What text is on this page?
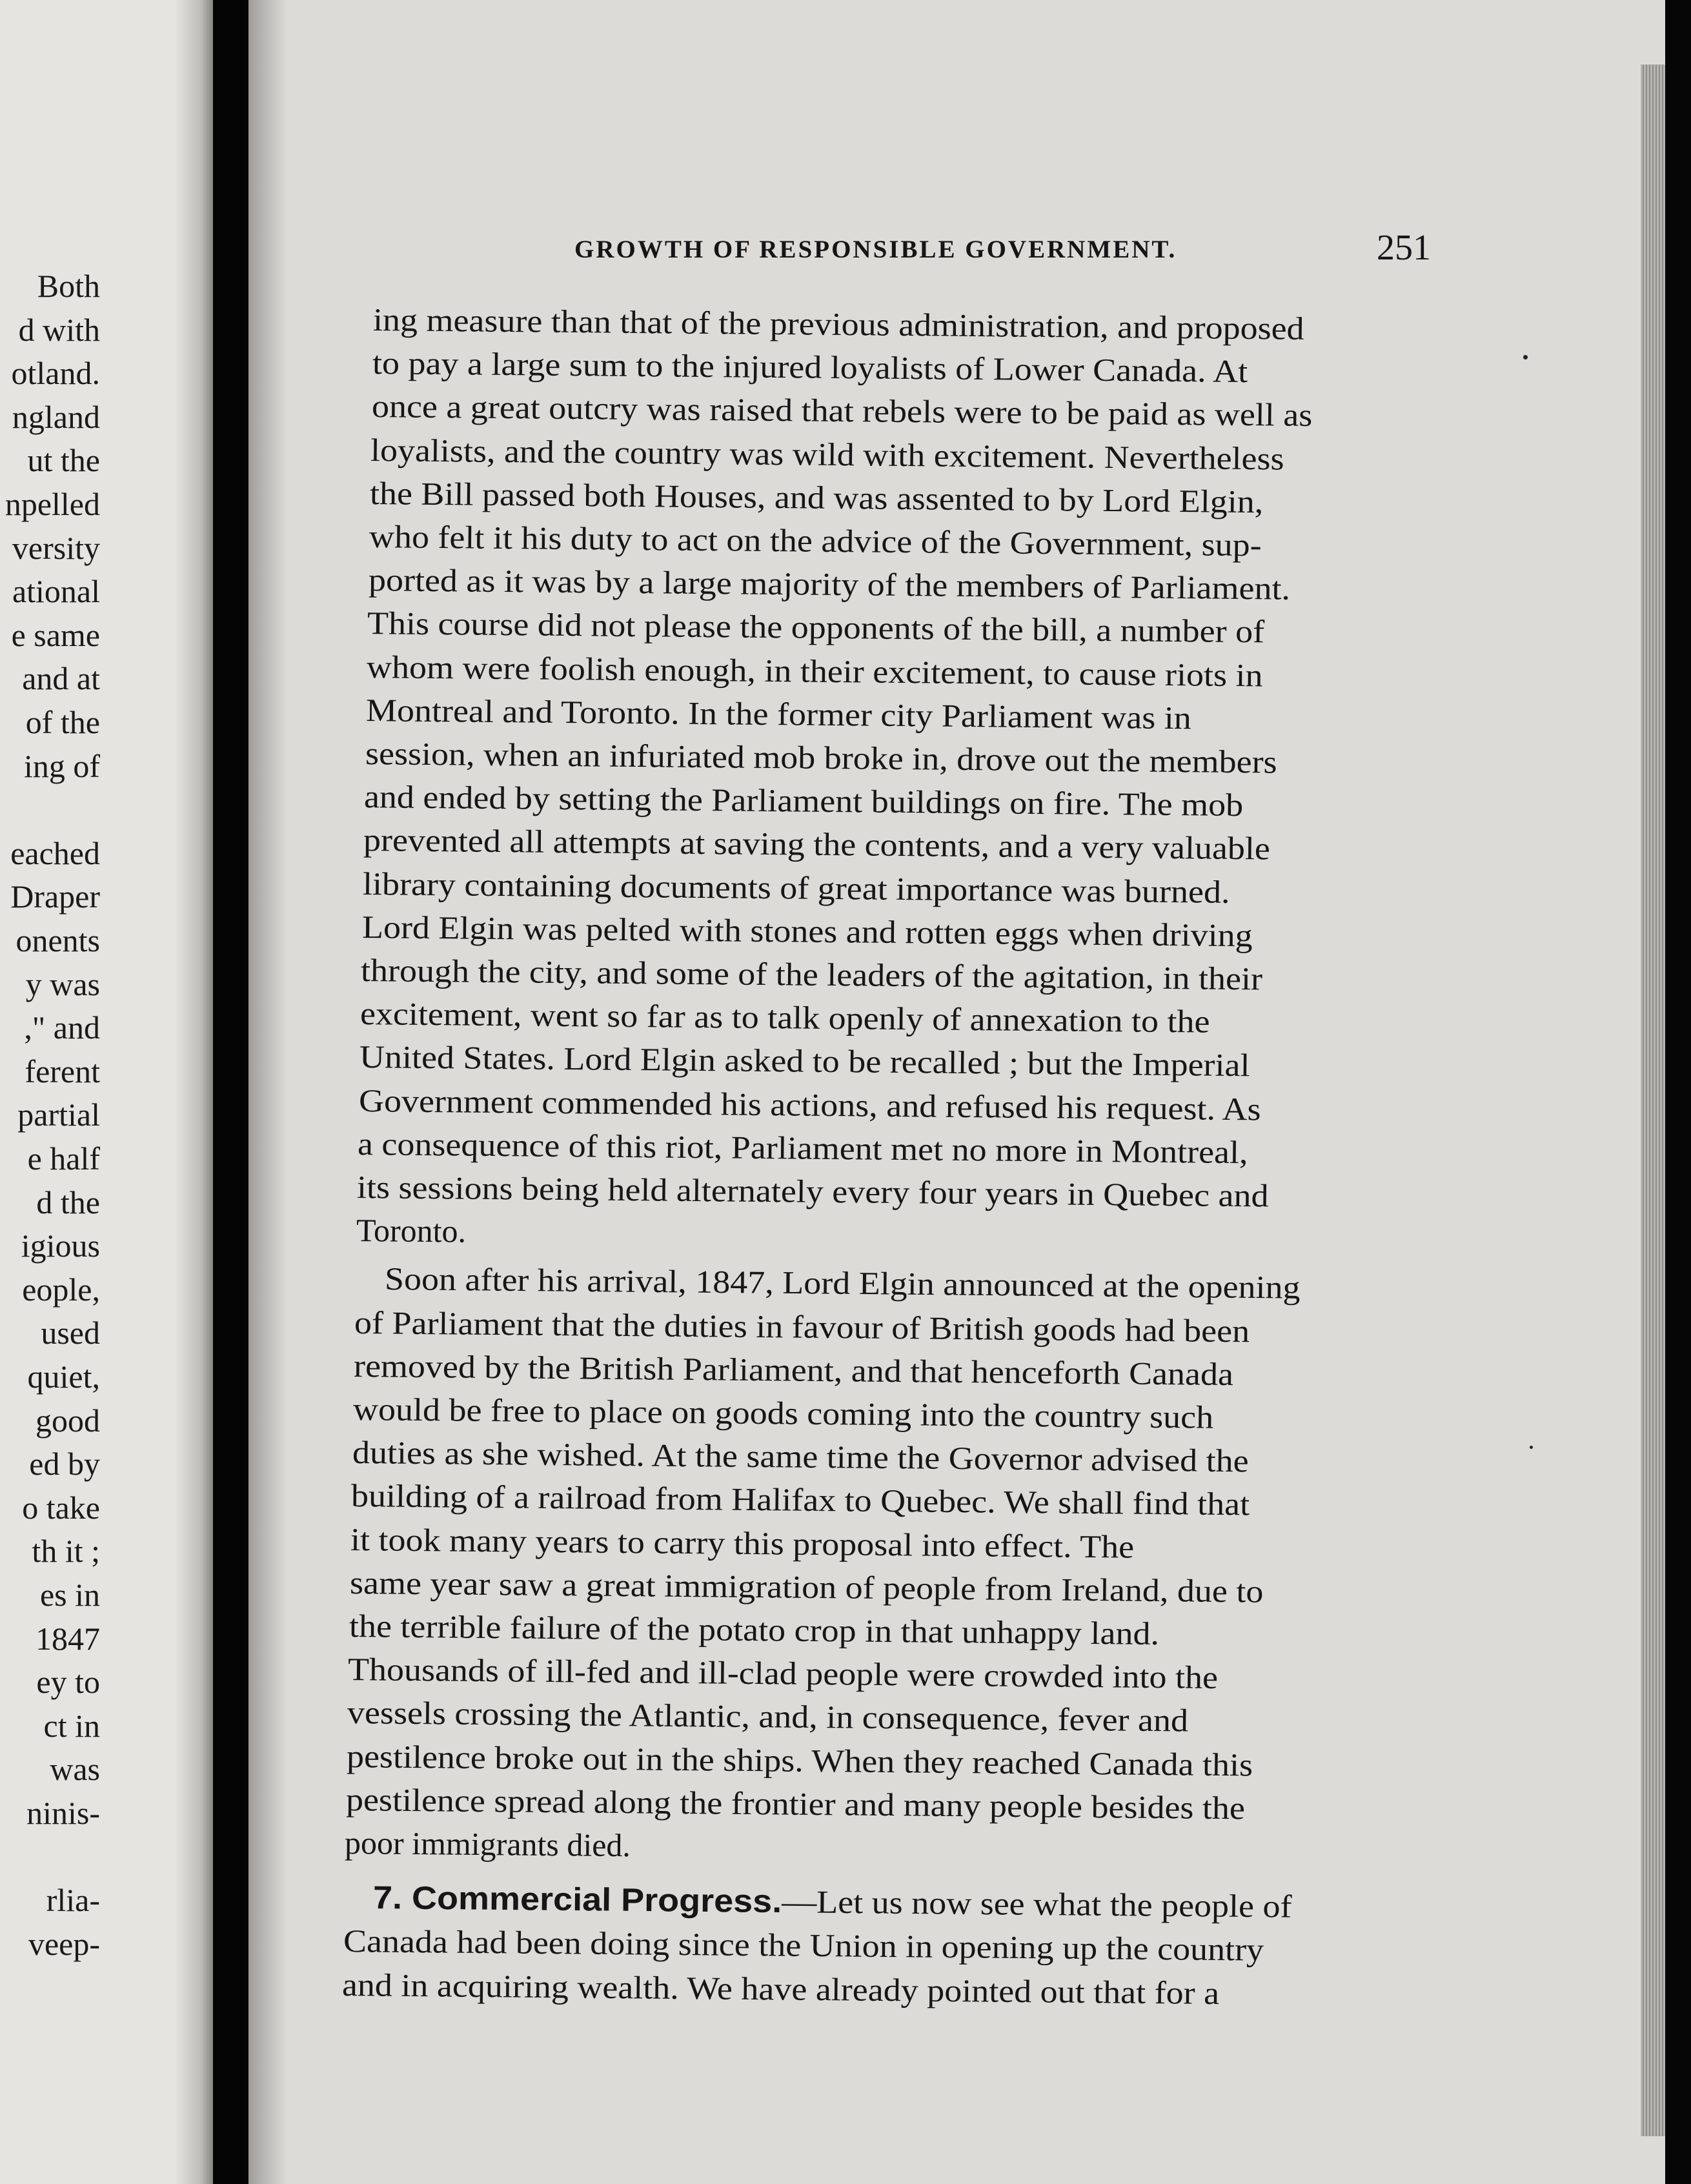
Both
d with
otland.
ngland
ut the
npelled
versity
ational
e same
and at
of the
ing of
eached
Draper
onents
y was
," and
ferent
partial
e half
d the
igious
eople,
used
quiet,
good
ed by
o take
th it ;
es in
1847
ey to
ct in
was
ninis-
rlia-
veep-
GROWTH OF RESPONSIBLE GOVERNMENT.	251
ing measure than that of the previous administration, and proposed
to pay a large sum to the injured loyalists of Lower Canada. At
once a great outcry was raised that rebels were to be paid as well as
loyalists, and the country was wild with excitement. Nevertheless
the Bill passed both Houses, and was assented to by Lord Elgin,
who felt it his duty to act on the advice of the Government, sup-
ported as it was by a large majority of the members of Parliament.
This course did not please the opponents of the bill, a number of
whom were foolish enough, in their excitement, to cause riots in
Montreal and Toronto. In the former city Parliament was in
session, when an infuriated mob broke in, drove out the members
and ended by setting the Parliament buildings on fire. The mob
prevented all attempts at saving the contents, and a very valuable
library containing documents of great importance was burned.
Lord Elgin was pelted with stones and rotten eggs when driving
through the city, and some of the leaders of the agitation, in their
excitement, went so far as to talk openly of annexation to the
United States. Lord Elgin asked to be recalled ; but the Imperial
Government commended his actions, and refused his request. As
a consequence of this riot, Parliament met no more in Montreal,
its sessions being held alternately every four years in Quebec and
Toronto.
Soon after his arrival, 1847, Lord Elgin announced at the opening
of Parliament that the duties in favour of British goods had been
removed by the British Parliament, and that henceforth Canada
would be free to place on goods coming into the country such
duties as she wished. At the same time the Governor advised the
building of a railroad from Halifax to Quebec. We shall find that
it took many years to carry this proposal into effect. The
same year saw a great immigration of people from Ireland, due to
the terrible failure of the potato crop in that unhappy land.
Thousands of ill-fed and ill-clad people were crowded into the
vessels crossing the Atlantic, and, in consequence, fever and
pestilence broke out in the ships. When they reached Canada this
pestilence spread along the frontier and many people besides the
poor immigrants died.
7. Commercial Progress.—Let us now see what the people of
Canada had been doing since the Union in opening up the country
and in acquiring wealth. We have already pointed out that for a
